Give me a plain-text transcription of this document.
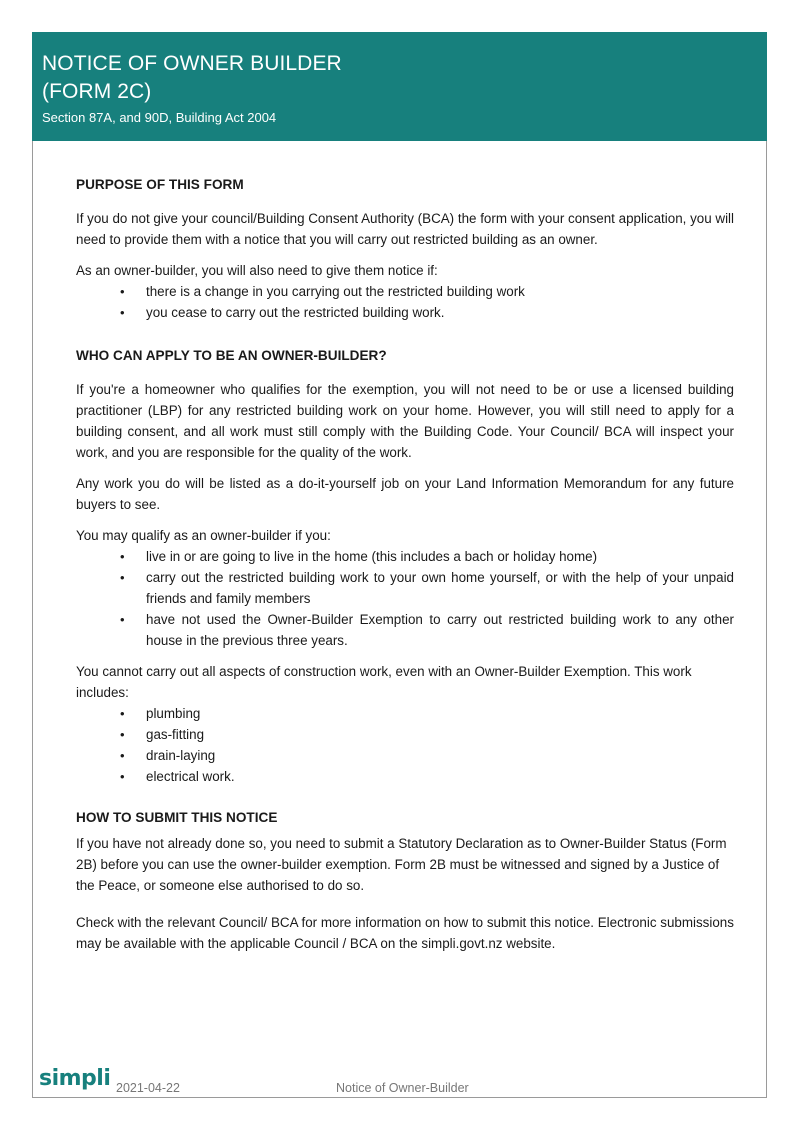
NOTICE OF OWNER BUILDER
(FORM 2C)
Section 87A, and 90D, Building Act 2004
PURPOSE OF THIS FORM

If you do not give your council/Building Consent Authority (BCA) the form with your consent application, you will need to provide them with a notice that you will carry out restricted building as an owner.

As an owner-builder, you will also need to give them notice if:

• there is a change in you carrying out the restricted building work
• you cease to carry out the restricted building work.
WHO CAN APPLY TO BE AN OWNER-BUILDER?

If you're a homeowner who qualifies for the exemption, you will not need to be or use a licensed building practitioner (LBP) for any restricted building work on your home. However, you will still need to apply for a building consent, and all work must still comply with the Building Code. Your Council/ BCA will inspect your work, and you are responsible for the quality of the work.

Any work you do will be listed as a do-it-yourself job on your Land Information Memorandum for any future buyers to see.

You may qualify as an owner-builder if you:

• live in or are going to live in the home (this includes a bach or holiday home)
• carry out the restricted building work to your own home yourself, or with the help of your unpaid friends and family members
• have not used the Owner-Builder Exemption to carry out restricted building work to any other house in the previous three years.

You cannot carry out all aspects of construction work, even with an Owner-Builder Exemption. This work includes:

• plumbing
• gas-fitting
• drain-laying
• electrical work.
HOW TO SUBMIT THIS NOTICE

If you have not already done so, you need to submit a Statutory Declaration as to Owner-Builder Status (Form 2B) before you can use the owner-builder exemption. Form 2B must be witnessed and signed by a Justice of the Peace, or someone else authorised to do so.

Check with the relevant Council/ BCA for more information on how to submit this notice. Electronic submissions may be available with the applicable Council / BCA on the simpli.govt.nz website.

simpli 2021-04-22	Notice of Owner-Builder
